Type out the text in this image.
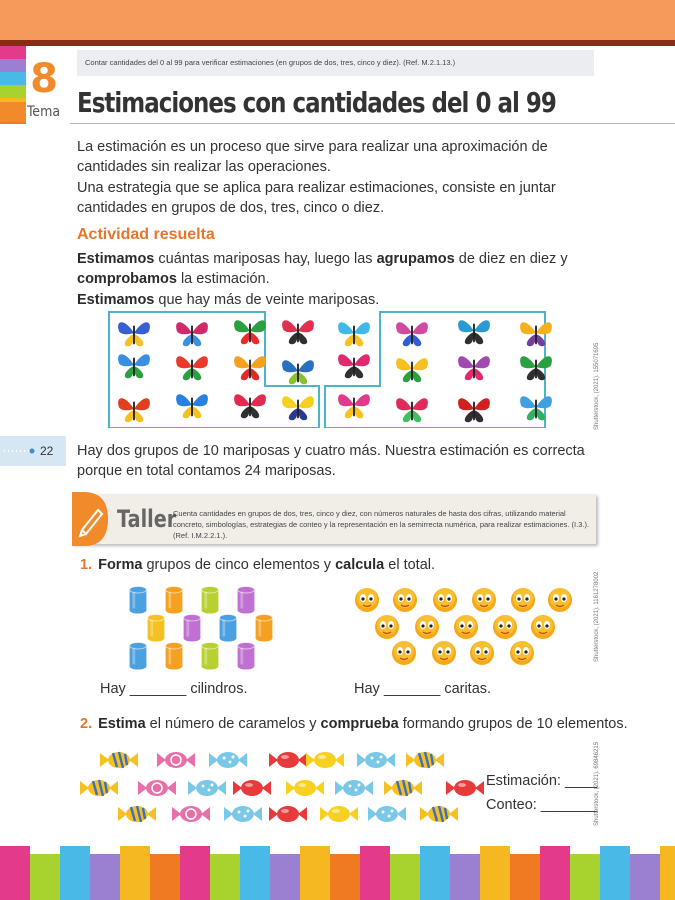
8
Tema
Contar cantidades del 0 al 99 para verificar estimaciones (en grupos de dos, tres, cinco y diez). (Ref. M.2.1.13.)
Estimaciones con cantidades del 0 al 99
La estimación es un proceso que sirve para realizar una aproximación de cantidades sin realizar las operaciones.
Una estrategia que se aplica para realizar estimaciones, consiste en juntar cantidades en grupos de dos, tres, cinco o diez.
Actividad resuelta
Estimamos cuántas mariposas hay, luego las agrupamos de diez en diez y comprobamos la estimación.
Estimamos que hay más de veinte mariposas.
Shutterstock, (2021). 155071695
22 Hay dos grupos de 10 mariposas y cuatro más. Nuestra estimación es correcta porque en total contamos 24 mariposas.
Taller
Cuenta cantidades en grupos de dos, tres, cinco y diez, con números naturales de hasta dos cifras, utilizando material concreto, simbologías, estrategias de conteo y la representación en la semirrecta numérica, para realizar estimaciones. (I.3.). (Ref. I.M.2.2.1.).
1. Forma grupos de cinco elementos y calcula el total.
Shutterstock, (2021). 1161278002
Hay _______ cilindros.	Hay _______ caritas.
2. Estima el número de caramelos y comprueba formando grupos de 10 elementos.
Estimación: ____
Conteo: _______
Shutterstock, (2021). 69846215
